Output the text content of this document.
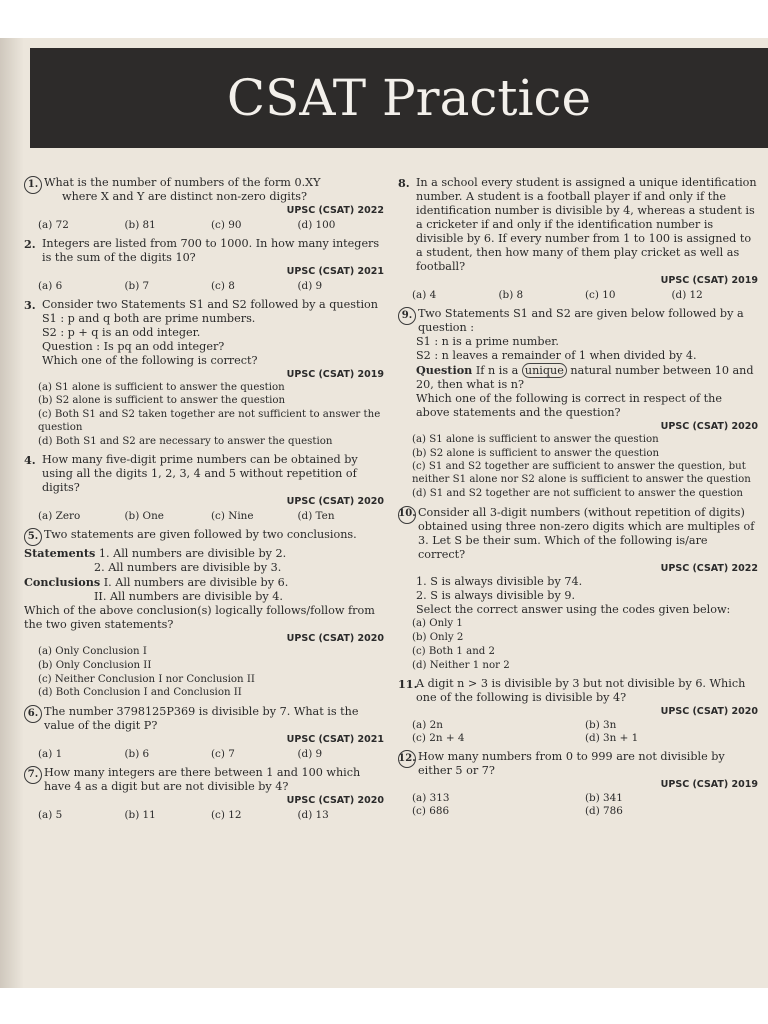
CSAT Practice
1. What is the number of numbers of the form 0.XY
where X and Y are distinct non-zero digits?
UPSC (CSAT) 2022
(a) 72	(b) 81	(c) 90	(d) 100
2. Integers are listed from 700 to 1000. In how many integers is the sum of the digits 10?
UPSC (CSAT) 2021
(a) 6	(b) 7	(c) 8	(d) 9
3. Consider two Statements S1 and S2 followed by a question
S1 : p and q both are prime numbers.
S2 : p + q is an odd integer.
Question : Is pq an odd integer?
Which one of the following is correct?
UPSC (CSAT) 2019
(a) S1 alone is sufficient to answer the question
(b) S2 alone is sufficient to answer the question
(c) Both S1 and S2 taken together are not sufficient to answer the question
(d) Both S1 and S2 are necessary to answer the question
4. How many five-digit prime numbers can be obtained by using all the digits 1, 2, 3, 4 and 5 without repetition of digits?
UPSC (CSAT) 2020
(a) Zero	(b) One	(c) Nine	(d) Ten
5. Two statements are given followed by two conclusions.
Statements 1. All numbers are divisible by 2.
2. All numbers are divisible by 3.
Conclusions I. All numbers are divisible by 6.
II. All numbers are divisible by 4.
Which of the above conclusion(s) logically follows/follow from the two given statements?
UPSC (CSAT) 2020
(a) Only Conclusion I
(b) Only Conclusion II
(c) Neither Conclusion I nor Conclusion II
(d) Both Conclusion I and Conclusion II
6. The number 3798125P369 is divisible by 7. What is the value of the digit P?
UPSC (CSAT) 2021
(a) 1	(b) 6	(c) 7	(d) 9
7. How many integers are there between 1 and 100 which have 4 as a digit but are not divisible by 4?
UPSC (CSAT) 2020
(a) 5	(b) 11	(c) 12	(d) 13
8. In a school every student is assigned a unique identification number. A student is a football player if and only if the identification number is divisible by 4, whereas a student is a cricketer if and only if the identification number is divisible by 6. If every number from 1 to 100 is assigned to a student, then how many of them play cricket as well as football?
UPSC (CSAT) 2019
(a) 4	(b) 8	(c) 10	(d) 12
9. Two Statements S1 and S2 are given below followed by a question :
S1 : n is a prime number.
S2 : n leaves a remainder of 1 when divided by 4.
Question If n is a unique natural number between 10 and 20, then what is n?
Which one of the following is correct in respect of the above statements and the question?
UPSC (CSAT) 2020
(a) S1 alone is sufficient to answer the question
(b) S2 alone is sufficient to answer the question
(c) S1 and S2 together are sufficient to answer the question, but neither S1 alone nor S2 alone is sufficient to answer the question
(d) S1 and S2 together are not sufficient to answer the question
10. Consider all 3-digit numbers (without repetition of digits) obtained using three non-zero digits which are multiples of 3. Let S be their sum. Which of the following is/are correct?
UPSC (CSAT) 2022
1. S is always divisible by 74.
2. S is always divisible by 9.
Select the correct answer using the codes given below:
(a) Only 1
(b) Only 2
(c) Both 1 and 2
(d) Neither 1 nor 2
11.
A digit n > 3 is divisible by 3 but not divisible by 6. Which one of the following is divisible by 4?
UPSC (CSAT) 2020
(a) 2n	(b) 3n
(c) 2n + 4	(d) 3n + 1
12. How many numbers from 0 to 999 are not divisible by either 5 or 7?
UPSC (CSAT) 2019
(a) 313	(b) 341
(c) 686	(d) 786
